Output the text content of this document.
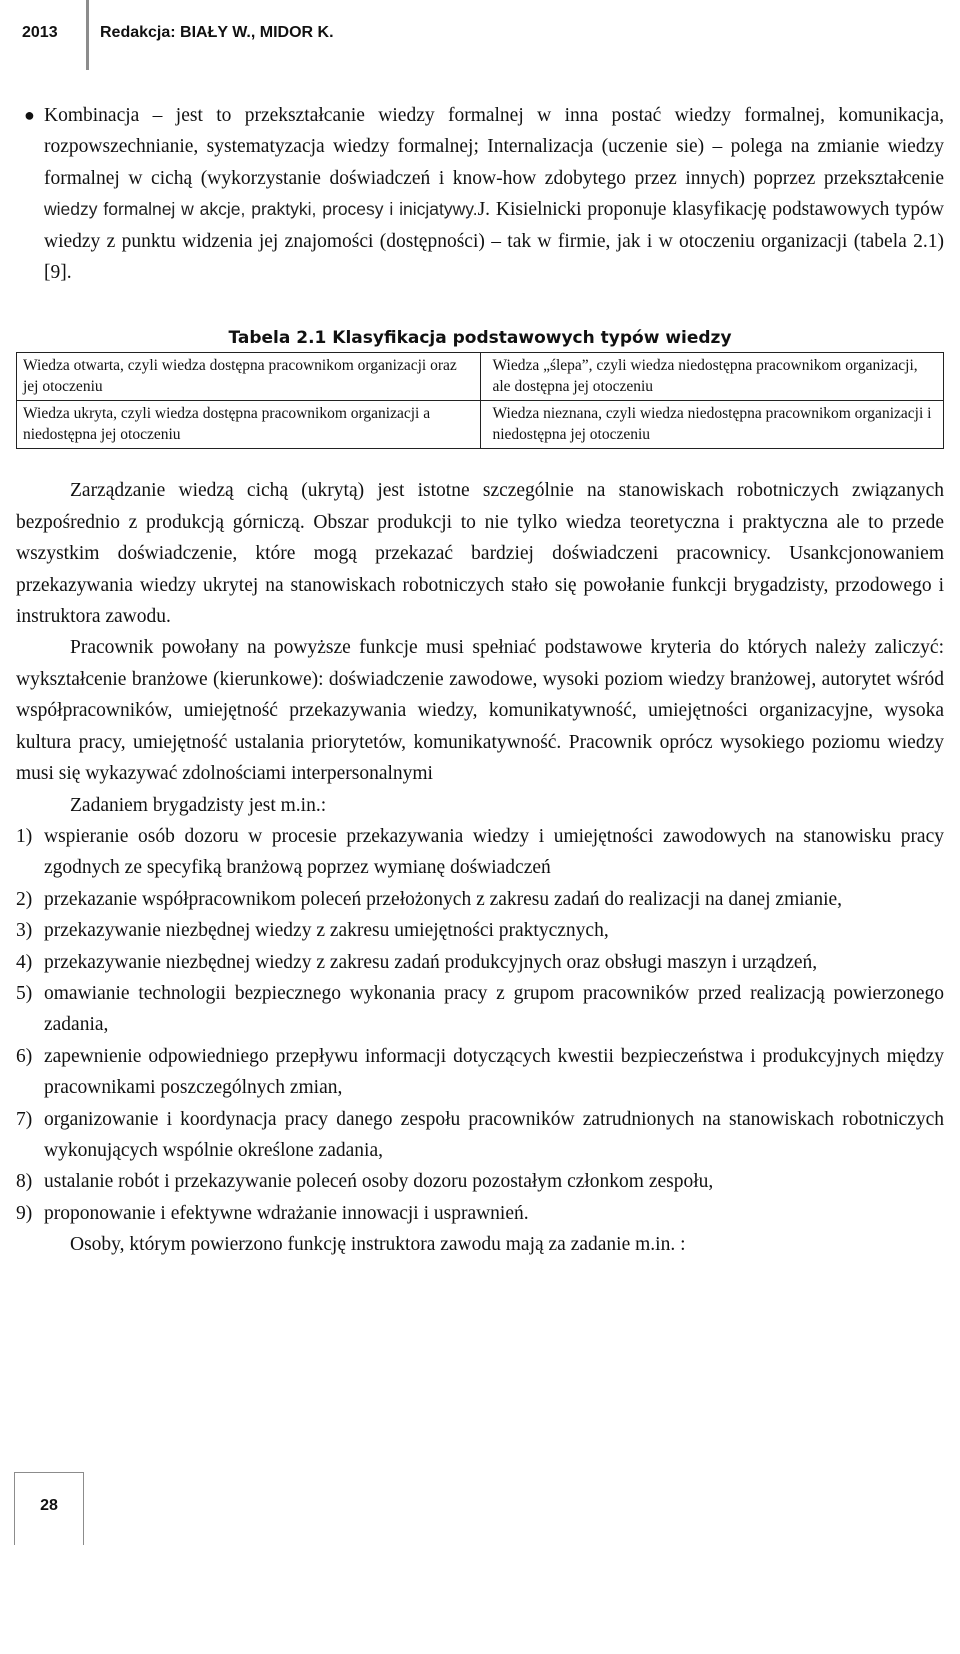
2013	Redakcja: BIAŁY W., MIDOR K.
● Kombinacja – jest to przekształcanie wiedzy formalnej w inna postać wiedzy formalnej, komunikacja, rozpowszechnianie, systematyzacja wiedzy formalnej; Internalizacja (uczenie sie) – polega na zmianie wiedzy formalnej w cichą (wykorzystanie doświadczeń i know-how zdobytego przez innych) poprzez przekształcenie wiedzy formalnej w akcje, praktyki, procesy i inicjatywy.J. Kisielnicki proponuje klasyfikację podstawowych typów wiedzy z punktu widzenia jej znajomości (dostępności) – tak w firmie, jak i w otoczeniu organizacji (tabela 2.1) [9].
Tabela 2.1 Klasyfikacja podstawowych typów wiedzy
Wiedza otwarta, czyli wiedza dostępna pracownikom organizacji oraz jej otoczeniu	Wiedza „ślepa”, czyli wiedza niedostępna pracownikom organizacji, ale dostępna jej otoczeniu
Wiedza ukryta, czyli wiedza dostępna pracownikom organizacji a niedostępna jej otoczeniu	Wiedza nieznana, czyli wiedza niedostępna pracownikom organizacji i niedostępna jej otoczeniu

Zarządzanie wiedzą cichą (ukrytą) jest istotne szczególnie na stanowiskach robotniczych związanych bezpośrednio z produkcją górniczą. Obszar produkcji to nie tylko wiedza teoretyczna i praktyczna ale to przede wszystkim doświadczenie, które mogą przekazać bardziej doświadczeni pracownicy. Usankcjonowaniem przekazywania wiedzy ukrytej na stanowiskach robotniczych stało się powołanie funkcji brygadzisty, przodowego i instruktora zawodu.

Pracownik powołany na powyższe funkcje musi spełniać podstawowe kryteria do których należy zaliczyć: wykształcenie branżowe (kierunkowe): doświadczenie zawodowe, wysoki poziom wiedzy branżowej, autorytet wśród współpracowników, umiejętność przekazywania wiedzy, komunikatywność, umiejętności organizacyjne, wysoka kultura pracy, umiejętność ustalania priorytetów, komunikatywność. Pracownik oprócz wysokiego poziomu wiedzy musi się wykazywać zdolnościami interpersonalnymi

Zadaniem brygadzisty jest m.in.:

1) wspieranie osób dozoru w procesie przekazywania wiedzy i umiejętności zawodowych na stanowisku pracy zgodnych ze specyfiką branżową poprzez wymianę doświadczeń
2) przekazanie współpracownikom poleceń przełożonych z zakresu zadań do realizacji na danej zmianie,
3) przekazywanie niezbędnej wiedzy z zakresu umiejętności praktycznych,
4) przekazywanie niezbędnej wiedzy z zakresu zadań produkcyjnych oraz obsługi maszyn i urządzeń,
5) omawianie technologii bezpiecznego wykonania pracy z grupom pracowników przed realizacją powierzonego zadania,
6) zapewnienie odpowiedniego przepływu informacji dotyczących kwestii bezpieczeństwa i produkcyjnych między pracownikami poszczególnych zmian,
7) organizowanie i koordynacja pracy danego zespołu pracowników zatrudnionych na stanowiskach robotniczych wykonujących wspólnie określone zadania,
8) ustalanie robót i przekazywanie poleceń osoby dozoru pozostałym członkom zespołu,
9) proponowanie i efektywne wdrażanie innowacji i usprawnień.

Osoby, którym powierzono funkcję instruktora zawodu mają za zadanie m.in. :

28
